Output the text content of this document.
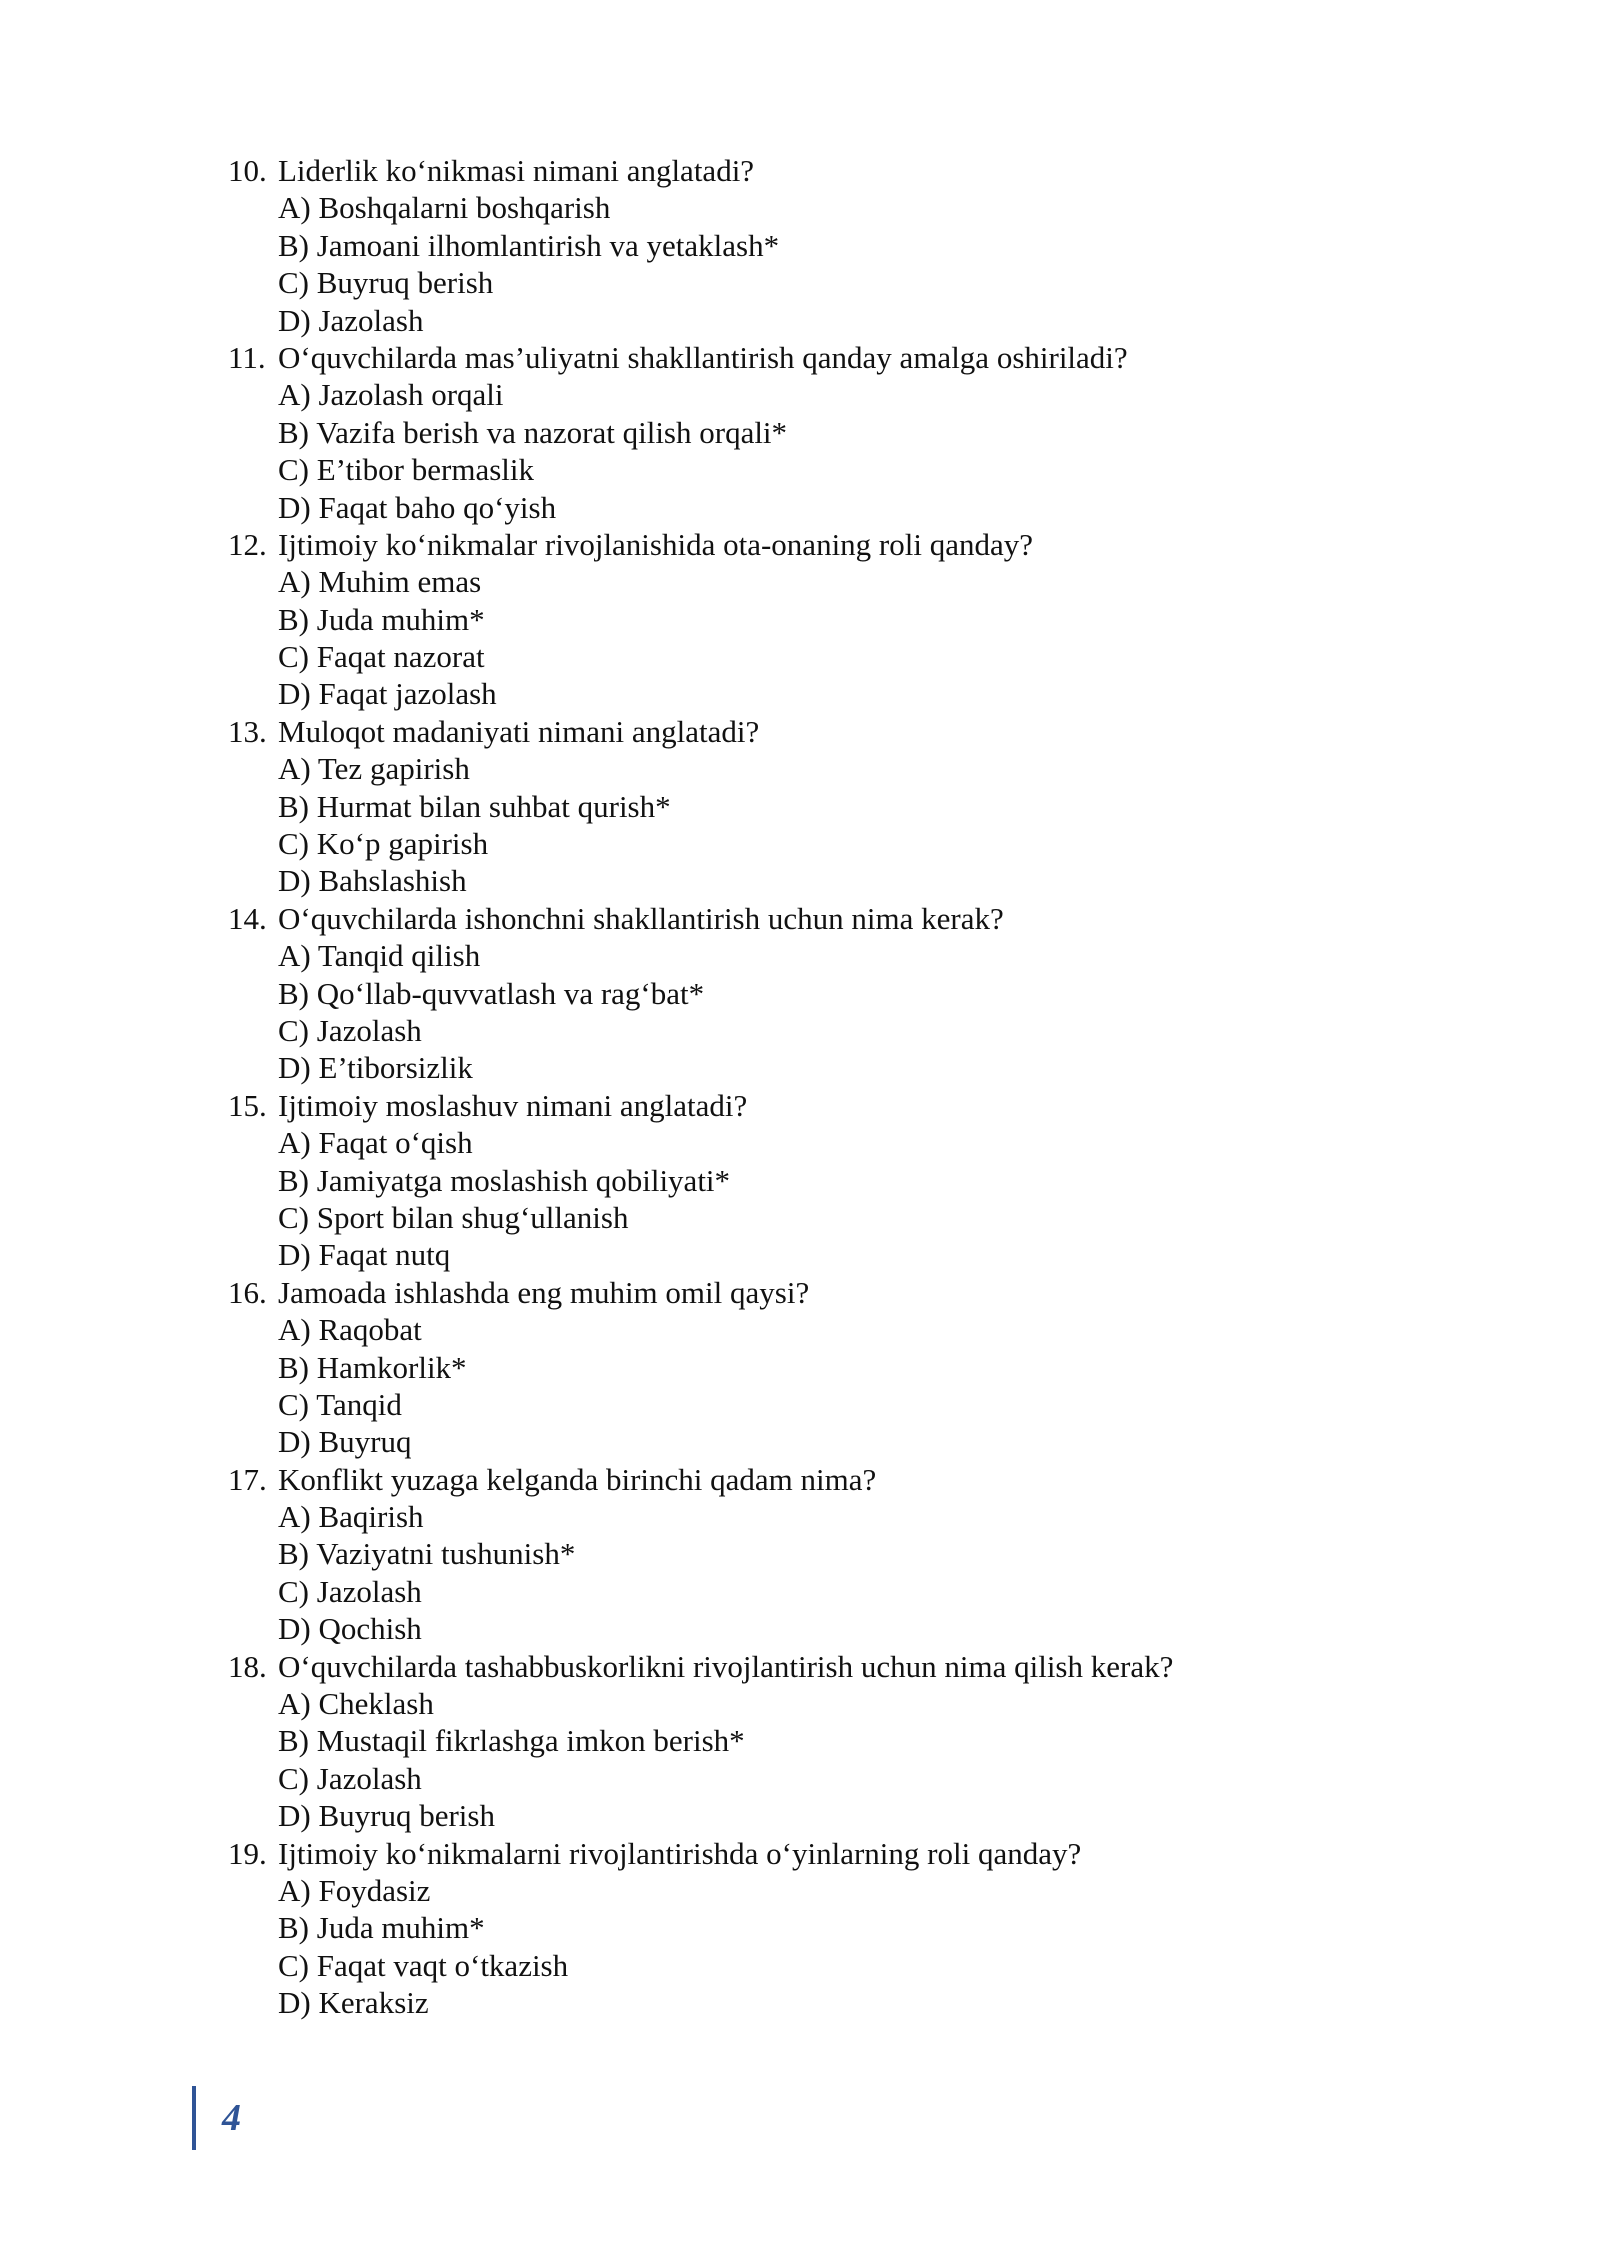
10. Liderlik ko‘nikmasi nimani anglatadi?
A) Boshqalarni boshqarish
B) Jamoani ilhomlantirish va yetaklash*
C) Buyruq berish
D) Jazolash
11. O‘quvchilarda mas’uliyatni shakllantirish qanday amalga oshiriladi?
A) Jazolash orqali
B) Vazifa berish va nazorat qilish orqali*
C) E’tibor bermaslik
D) Faqat baho qo‘yish
12. Ijtimoiy ko‘nikmalar rivojlanishida ota-onaning roli qanday?
A) Muhim emas
B) Juda muhim*
C) Faqat nazorat
D) Faqat jazolash
13. Muloqot madaniyati nimani anglatadi?
A) Tez gapirish
B) Hurmat bilan suhbat qurish*
C) Ko‘p gapirish
D) Bahslashish
14. O‘quvchilarda ishonchni shakllantirish uchun nima kerak?
A) Tanqid qilish
B) Qo‘llab-quvvatlash va rag‘bat*
C) Jazolash
D) E’tiborsizlik
15. Ijtimoiy moslashuv nimani anglatadi?
A) Faqat o‘qish
B) Jamiyatga moslashish qobiliyati*
C) Sport bilan shug‘ullanish
D) Faqat nutq
16. Jamoada ishlashda eng muhim omil qaysi?
A) Raqobat
B) Hamkorlik*
C) Tanqid
D) Buyruq
17. Konflikt yuzaga kelganda birinchi qadam nima?
A) Baqirish
B) Vaziyatni tushunish*
C) Jazolash
D) Qochish
18. O‘quvchilarda tashabbuskorlikni rivojlantirish uchun nima qilish kerak?
A) Cheklash
B) Mustaqil fikrlashga imkon berish*
C) Jazolash
D) Buyruq berish
19. Ijtimoiy ko‘nikmalarni rivojlantirishda o‘yinlarning roli qanday?
A) Foydasiz
B) Juda muhim*
C) Faqat vaqt o‘tkazish
D) Keraksiz
4
